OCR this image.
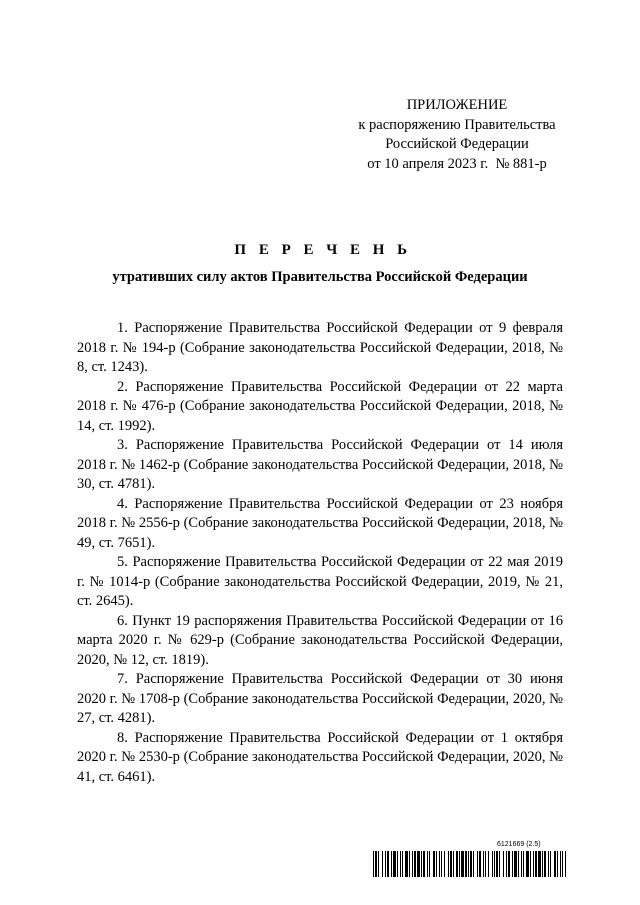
ПРИЛОЖЕНИЕ
к распоряжению Правительства
Российской Федерации
от 10 апреля 2023 г.  № 881-р
П Е Р Е Ч Е Н Ь
утративших силу актов Правительства Российской Федерации

1. Распоряжение Правительства Российской Федерации от 9 февраля 2018 г. № 194-р (Собрание законодательства Российской Федерации, 2018, № 8, ст. 1243).

2. Распоряжение Правительства Российской Федерации от 22 марта 2018 г. № 476-р (Собрание законодательства Российской Федерации, 2018, № 14, ст. 1992).

3. Распоряжение Правительства Российской Федерации от 14 июля 2018 г. № 1462-р (Собрание законодательства Российской Федерации, 2018, № 30, ст. 4781).

4. Распоряжение Правительства Российской Федерации от 23 ноября 2018 г. № 2556-р (Собрание законодательства Российской Федерации, 2018, № 49, ст. 7651).

5. Распоряжение Правительства Российской Федерации от 22 мая 2019 г. № 1014-р (Собрание законодательства Российской Федерации, 2019, № 21, ст. 2645).

6. Пункт 19 распоряжения Правительства Российской Федерации от 16 марта 2020 г. № 629-р (Собрание законодательства Российской Федерации, 2020, № 12, ст. 1819).

7. Распоряжение Правительства Российской Федерации от 30 июня 2020 г. № 1708-р (Собрание законодательства Российской Федерации, 2020, № 27, ст. 4281).

8. Распоряжение Правительства Российской Федерации от 1 октября 2020 г. № 2530-р (Собрание законодательства Российской Федерации, 2020, № 41, ст. 6461).

6121669 (2.5)
